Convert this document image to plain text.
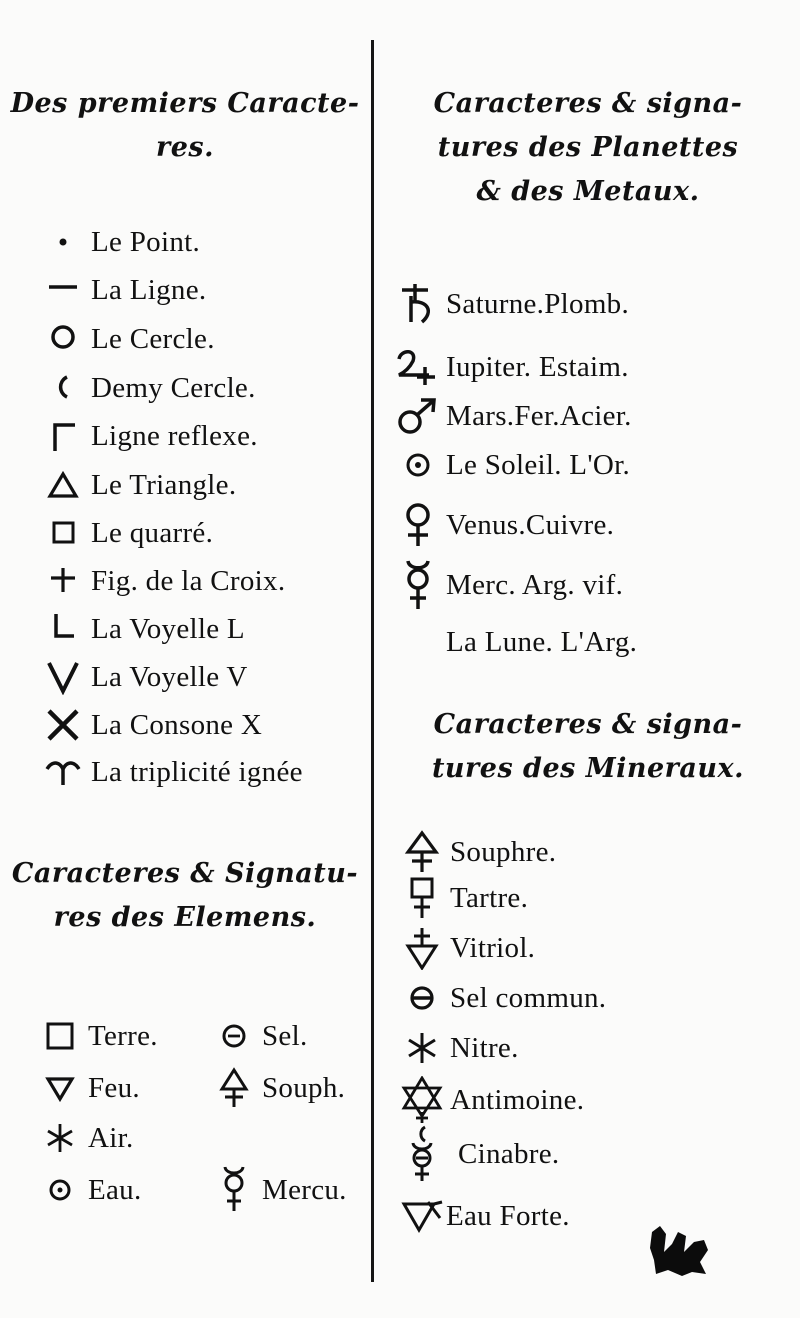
Des premiers Caracte-
res.
Le Point.
La Ligne.
Le Cercle.
Demy Cercle.
Ligne reflexe.
Le Triangle.
Le quarré.
Fig. de la Croix.
La Voyelle L
La Voyelle V
La Consone X
La triplicité ignée
Caracteres & Signatu-
res des Elemens.
Terre.
Feu.
Air.
Eau.
Sel.
Souph.
Mercu.
Caracteres & signa-
tures des Planettes
& des Metaux.
Saturne.Plomb.
Iupiter. Estaim.
Mars.Fer.Acier.
Le Soleil. L'Or.
Venus.Cuivre.
Merc. Arg. vif.
La Lune. L'Arg.
Caracteres & signa-
tures des Mineraux.
Souphre.
Tartre.
Vitriol.
Sel commun.
Nitre.
Antimoine.
Cinabre.
Eau Forte.
